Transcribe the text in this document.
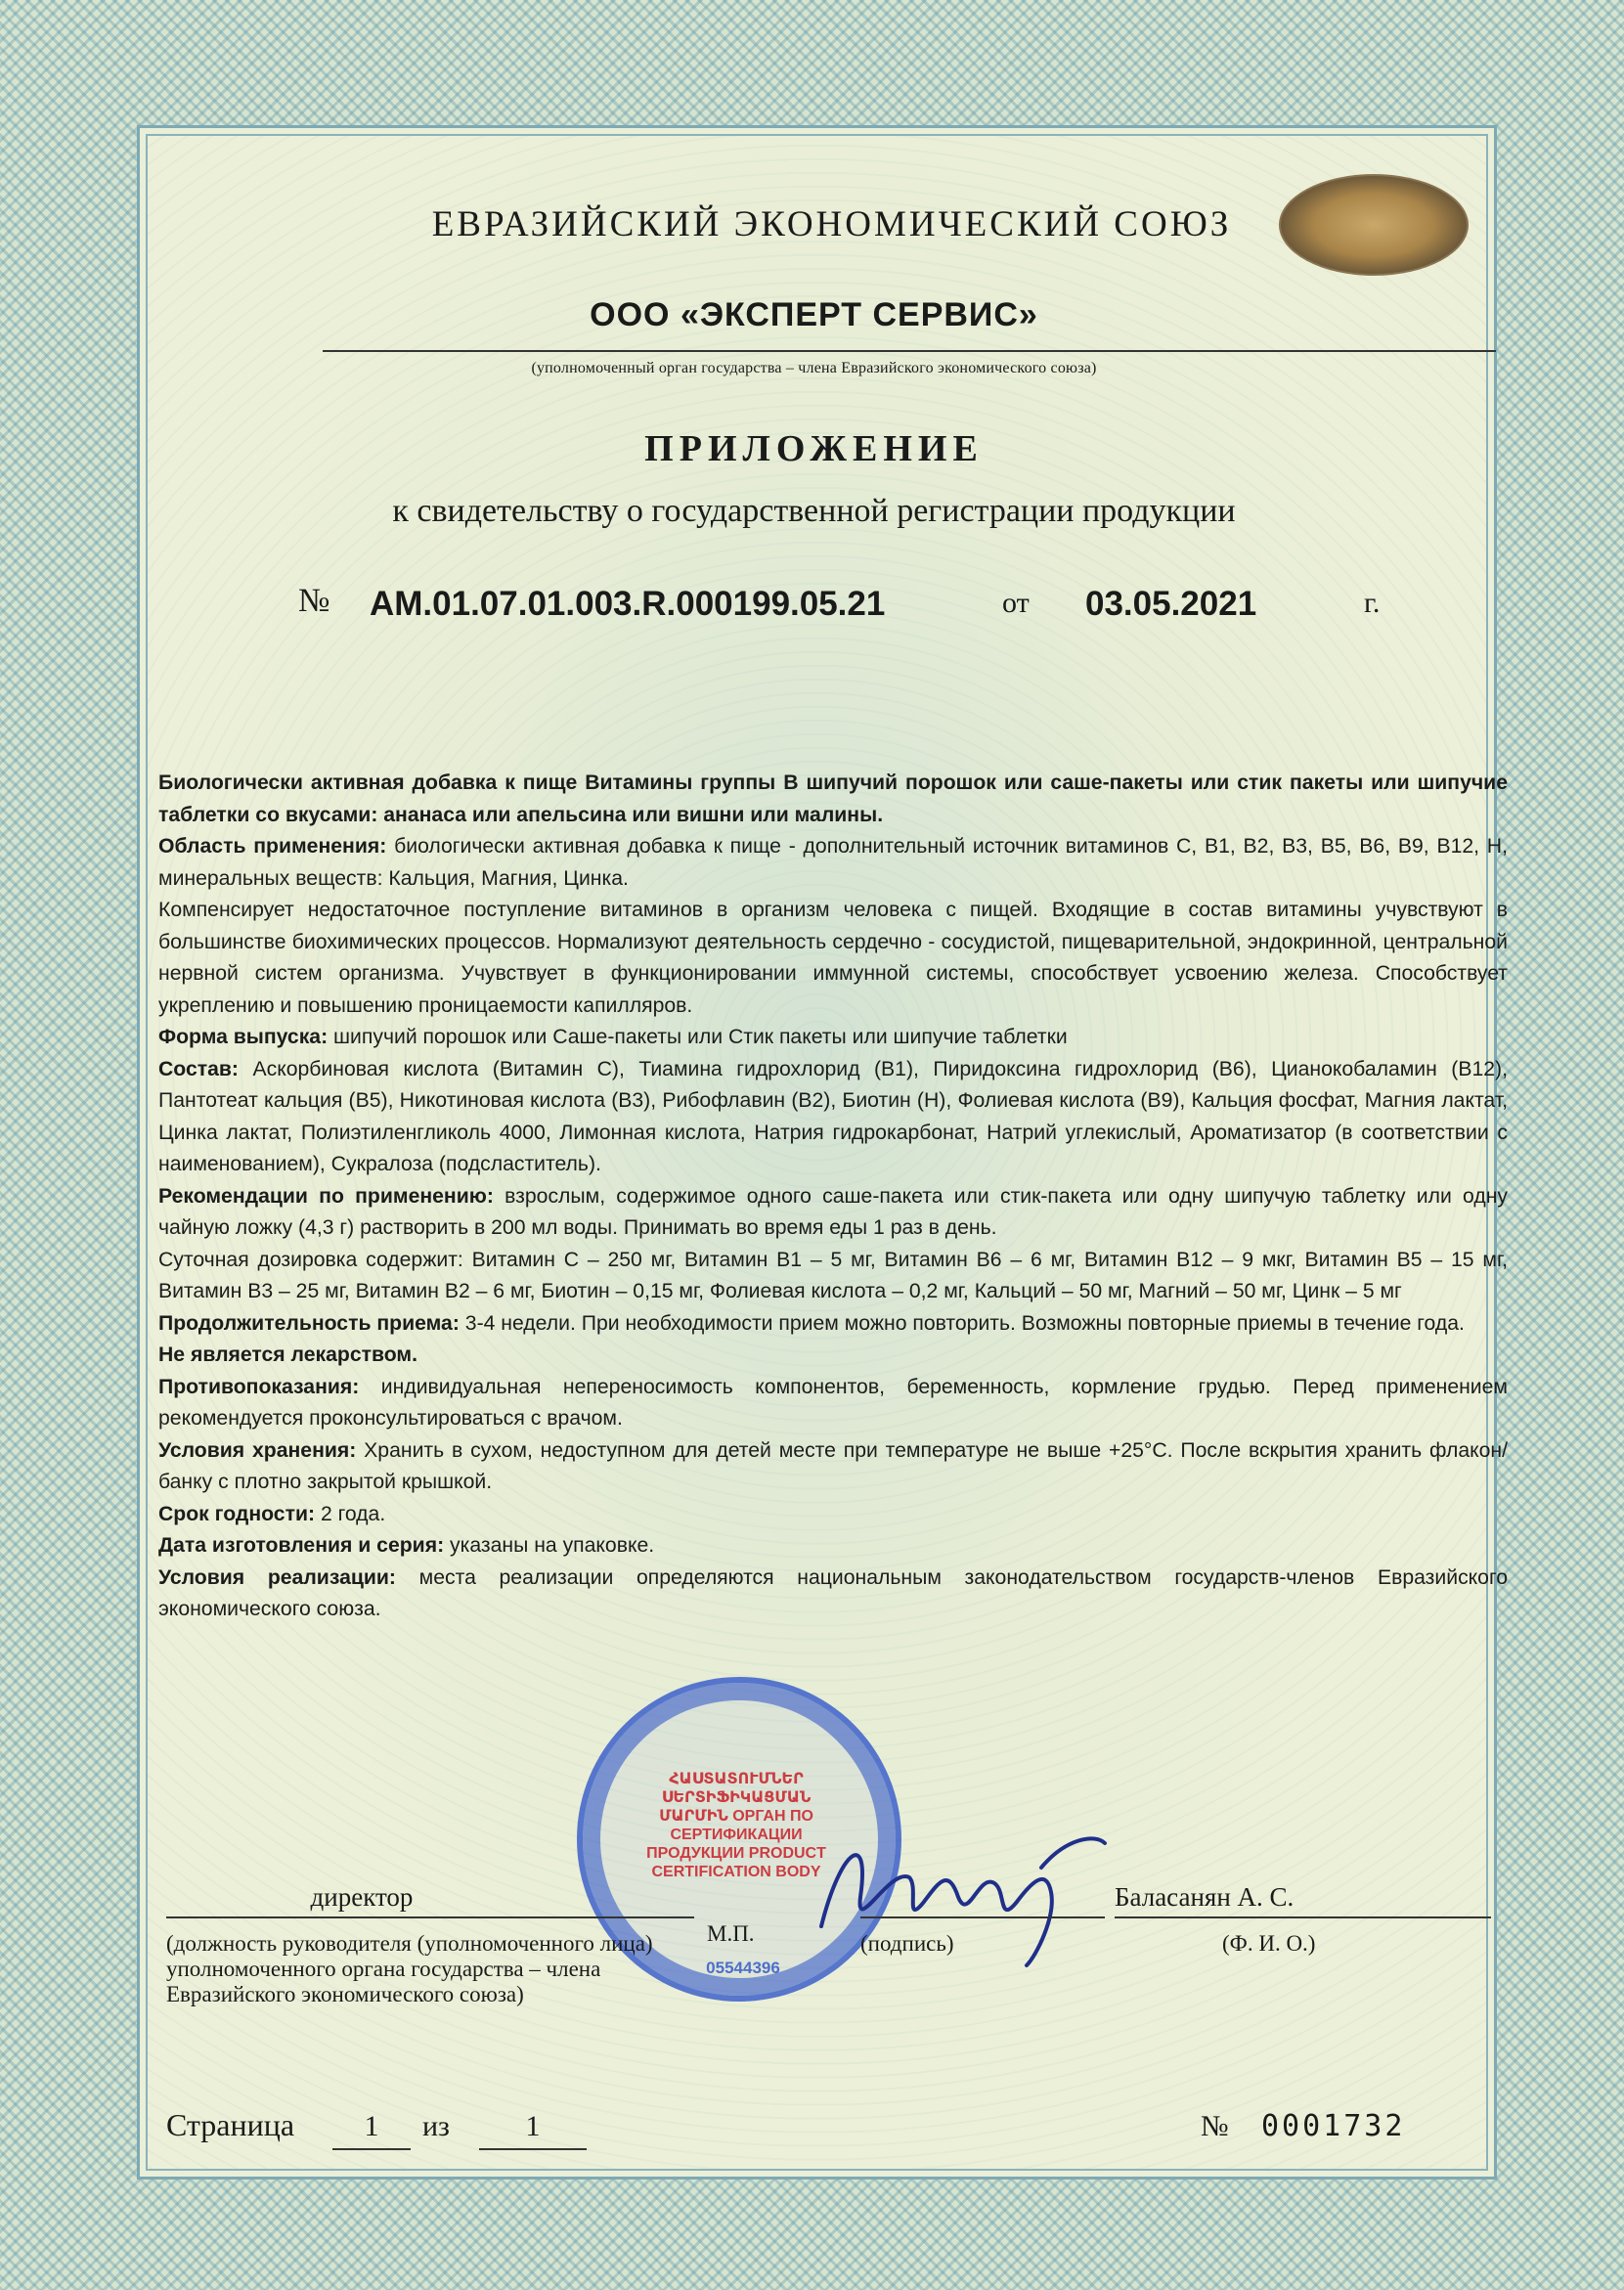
ЕВРАЗИЙСКИЙ ЭКОНОМИЧЕСКИЙ СОЮЗ
ООО «ЭКСПЕРТ СЕРВИС»
(уполномоченный орган государства – члена Евразийского экономического союза)
ПРИЛОЖЕНИЕ
к свидетельству о государственной регистрации продукции
№ AM.01.07.01.003.R.000199.05.21	от 03.05.2021	г.

Биологически активная добавка к пище Витамины группы В шипучий порошок или саше-пакеты или стик пакеты или шипучие таблетки со вкусами: ананаса или апельсина или вишни или малины.

Область применения: биологически активная добавка к пище - дополнительный источник витаминов С, В1, В2, В3, В5, В6, В9, В12, Н, минеральных веществ: Кальция, Магния, Цинка.

Компенсирует недостаточное поступление витаминов в организм человека с пищей. Входящие в состав витамины учувствуют в большинстве биохимических процессов. Нормализуют деятельность сердечно - сосудистой, пищеварительной, эндокринной, центральной нервной систем организма. Учувствует в функционировании иммунной системы, способствует усвоению железа. Способствует укреплению и повышению проницаемости капилляров.

Форма выпуска: шипучий порошок или Саше-пакеты или Стик пакеты или шипучие таблетки

Состав: Аскорбиновая кислота (Витамин С), Тиамина гидрохлорид (В1), Пиридоксина гидрохлорид (В6), Цианокобаламин (В12), Пантотеат кальция (В5), Никотиновая кислота (В3), Рибофлавин (В2), Биотин (Н), Фолиевая кислота (В9), Кальция фосфат, Магния лактат, Цинка лактат, Полиэтиленгликоль 4000, Лимонная кислота, Натрия гидрокарбонат, Натрий углекислый, Ароматизатор (в соответствии с наименованием), Сукралоза (подсластитель).

Рекомендации по применению: взрослым, содержимое одного саше-пакета или стик-пакета или одну шипучую таблетку или одну чайную ложку (4,3 г) растворить в 200 мл воды. Принимать во время еды 1 раз в день.

Суточная дозировка содержит: Витамин С – 250 мг, Витамин В1 – 5 мг, Витамин В6 – 6 мг, Витамин В12 – 9 мкг, Витамин В5 – 15 мг, Витамин В3 – 25 мг, Витамин В2 – 6 мг, Биотин – 0,15 мг, Фолиевая кислота – 0,2 мг, Кальций – 50 мг, Магний – 50 мг, Цинк – 5 мг

Продолжительность приема: 3-4 недели. При необходимости прием можно повторить. Возможны повторные приемы в течение года.

Не является лекарством.

Противопоказания: индивидуальная непереносимость компонентов, беременность, кормление грудью. Перед применением рекомендуется проконсультироваться с врачом.

Условия хранения: Хранить в сухом, недоступном для детей месте при температуре не выше +25°С. После вскрытия хранить флакон/банку с плотно закрытой крышкой.

Срок годности: 2 года.

Дата изготовления и серия: указаны на упаковке.

Условия реализации: места реализации определяются национальным законодательством государств-членов Евразийского экономического союза.

ՀԱՍՏԱՏՈՒՄՆԵՐ ՍԵՐՏԻՖԻԿԱՑՄԱՆ ՄԱՐՄԻՆ ОРГАН ПО СЕРТИФИКАЦИИ ПРОДУКЦИИ PRODUCT CERTIFICATION BODY
05544396
директор	Баласанян А. С.
(должность руководителя (уполномоченного лица) уполномоченного органа государства – члена Евразийского экономического союза)
М.П.	(подпись)	(Ф. И. О.)
Страница	1	из	1	№ 0001732
